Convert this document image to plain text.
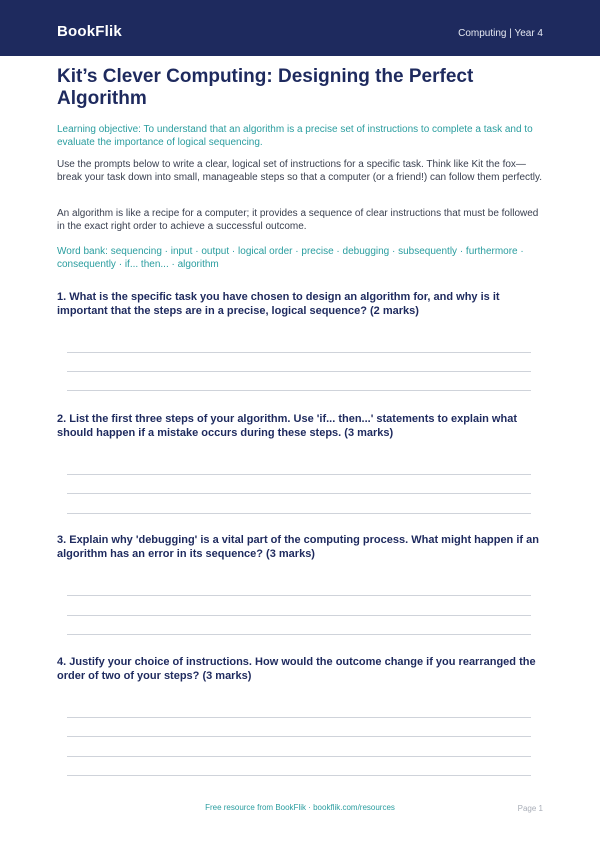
BookFlik	Computing | Year 4
Kit’s Clever Computing: Designing the Perfect Algorithm

Learning objective: To understand that an algorithm is a precise set of instructions to complete a task and to evaluate the importance of logical sequencing.

Use the prompts below to write a clear, logical set of instructions for a specific task. Think like Kit the fox—break your task down into small, manageable steps so that a computer (or a friend!) can follow them perfectly.

An algorithm is like a recipe for a computer; it provides a sequence of clear instructions that must be followed in the exact right order to achieve a successful outcome.

Word bank: sequencing · input · output · logical order · precise · debugging · subsequently · furthermore · consequently · if... then... · algorithm

1. What is the specific task you have chosen to design an algorithm for, and why is it important that the steps are in a precise, logical sequence? (2 marks)

2. List the first three steps of your algorithm. Use 'if... then...' statements to explain what should happen if a mistake occurs during these steps. (3 marks)

3. Explain why 'debugging' is a vital part of the computing process. What might happen if an algorithm has an error in its sequence? (3 marks)

4. Justify your choice of instructions. How would the outcome change if you rearranged the order of two of your steps? (3 marks)

Free resource from BookFlik · bookflik.com/resources	Page 1
